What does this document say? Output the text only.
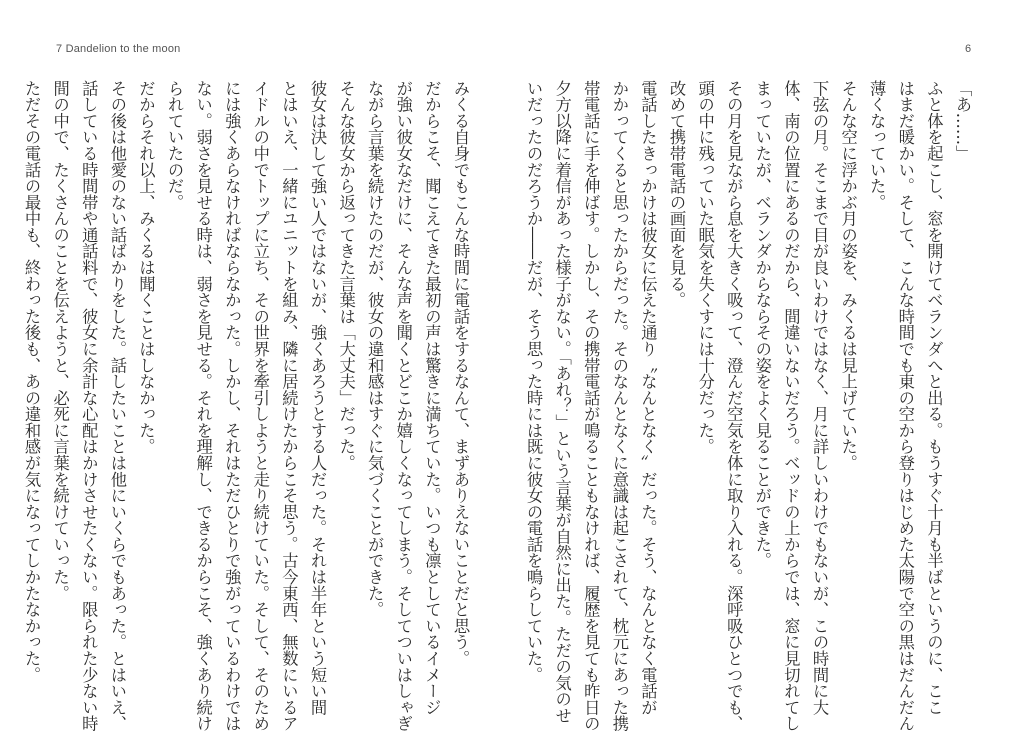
7 Dandelion to the moon
みくる自身でもこんな時間に電話をするなんて、まずありえないことだと思う。
だからこそ、聞こえてきた最初の声は驚きに満ちていた。いつも凛としているイメージ
が強い彼女なだけに、そんな声を聞くとどこか嬉しくなってしまう。そしてついはしゃぎ
ながら言葉を続けたのだが、彼女の違和感はすぐに気づくことができた。
そんな彼女から返ってきた言葉は「大丈夫」だった。
彼女は決して強い人ではないが、強くあろうとする人だった。それは半年という短い間
とはいえ、一緒にユニットを組み、隣に居続けたからこそ思う。古今東西、無数にいるア
イドルの中でトップに立ち、その世界を牽引しようと走り続けていた。そして、そのため
には強くあらなければならなかった。しかし、それはただひとりで強がっているわけでは
ない。弱さを見せる時は、弱さを見せる。それを理解し、できるからこそ、強くあり続け
られていたのだ。
だからそれ以上、みくるは聞くことはしなかった。
その後は他愛のない話ばかりをした。話したいことは他にいくらでもあった。とはいえ、
話している時間帯や通話料で、彼女に余計な心配はかけさせたくない。限られた少ない時
間の中で、たくさんのことを伝えようと、必死に言葉を続けていった。
ただその電話の最中も、終わった後も、あの違和感が気になってしかたなかった。
6
「あ……」
ふと体を起こし、窓を開けてベランダへと出る。もうすぐ十月も半ばというのに、ここ
はまだ暖かい。そして、こんな時間でも東の空から登りはじめた太陽で空の黒はだんだん
薄くなっていた。
そんな空に浮かぶ月の姿を、みくるは見上げていた。
下弦の月。そこまで目が良いわけではなく、月に詳しいわけでもないが、この時間に大
体、南の位置にあるのだから、間違いないだろう。ベッドの上からでは、窓に見切れてし
まっていたが、ベランダからならその姿をよく見ることができた。
その月を見ながら息を大きく吸って、澄んだ空気を体に取り入れる。深呼吸ひとつでも、
頭の中に残っていた眠気を失くすには十分だった。
改めて携帯電話の画面を見る。
電話したきっかけは彼女に伝えた通り〝なんとなく〟だった。そう、なんとなく電話が
かかってくると思ったからだった。そのなんとなくに意識は起こされて、枕元にあった携
帯電話に手を伸ばす。しかし、その携帯電話が鳴ることもなければ、履歴を見ても昨日の
夕方以降に着信があった様子がない。「あれ？」という言葉が自然に出た。ただの気のせ
いだったのだろうか――だが、そう思った時には既に彼女の電話を鳴らしていた。
